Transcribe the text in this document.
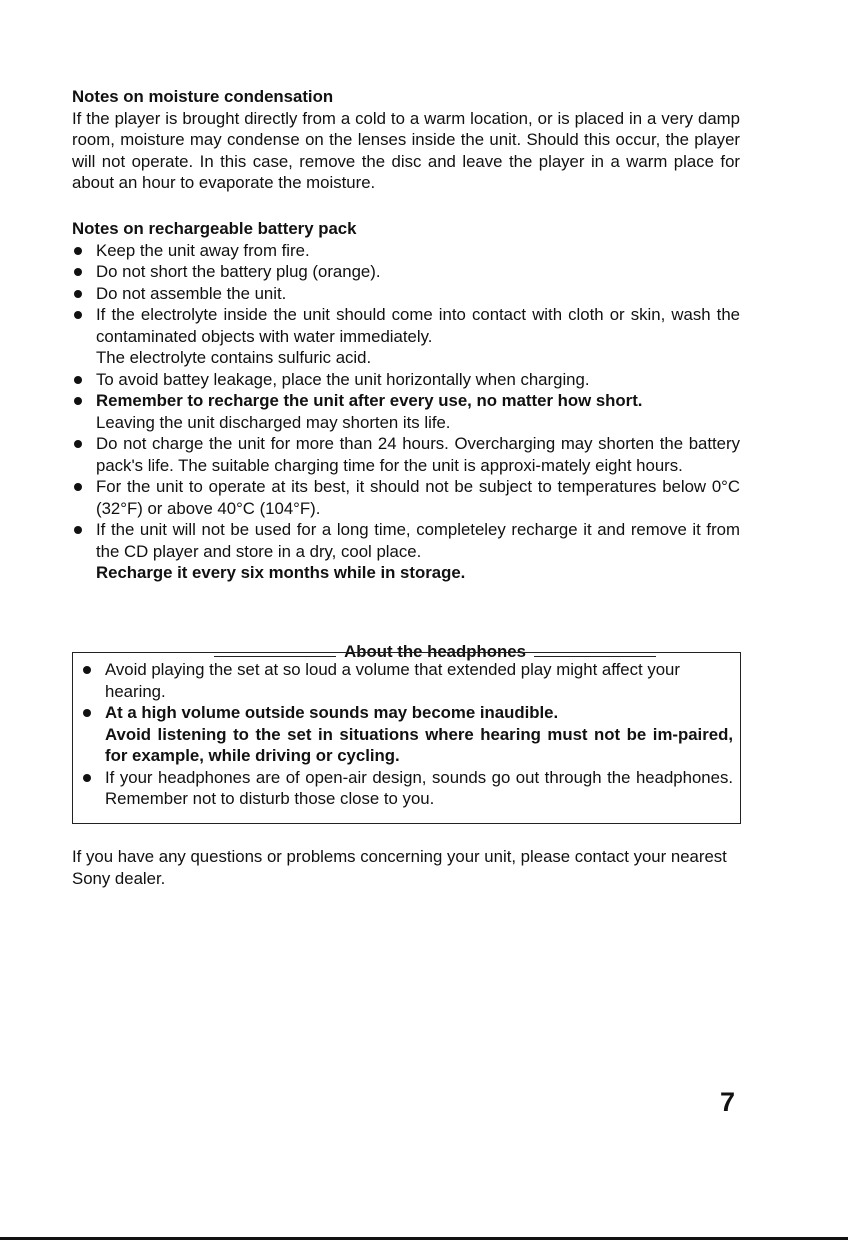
Notes on moisture condensation

If the player is brought directly from a cold to a warm location, or is placed in a very damp room, moisture may condense on the lenses inside the unit. Should this occur, the player will not operate. In this case, remove the disc and leave the player in a warm place for about an hour to evaporate the moisture.

Notes on rechargeable battery pack

Keep the unit away from fire.
Do not short the battery plug (orange).
Do not assemble the unit.
If the electrolyte inside the unit should come into contact with cloth or skin, wash the contaminated objects with water immediately.
The electrolyte contains sulfuric acid.
To avoid battey leakage, place the unit horizontally when charging.
Remember to recharge the unit after every use, no matter how short.
Leaving the unit discharged may shorten its life.
Do not charge the unit for more than 24 hours. Overcharging may shorten the battery pack's life. The suitable charging time for the unit is approxi-mately eight hours.
For the unit to operate at its best, it should not be subject to temperatures below 0°C (32°F) or above 40°C (104°F).
If the unit will not be used for a long time, completeley recharge it and remove it from the CD player and store in a dry, cool place.
Recharge it every six months while in storage.
About the headphones
Avoid playing the set at so loud a volume that extended play might affect your hearing.
At a high volume outside sounds may become inaudible.
Avoid listening to the set in situations where hearing must not be im-paired, for example, while driving or cycling.
If your headphones are of open-air design, sounds go out through the headphones. Remember not to disturb those close to you.

If you have any questions or problems concerning your unit, please contact your nearest Sony dealer.

7
